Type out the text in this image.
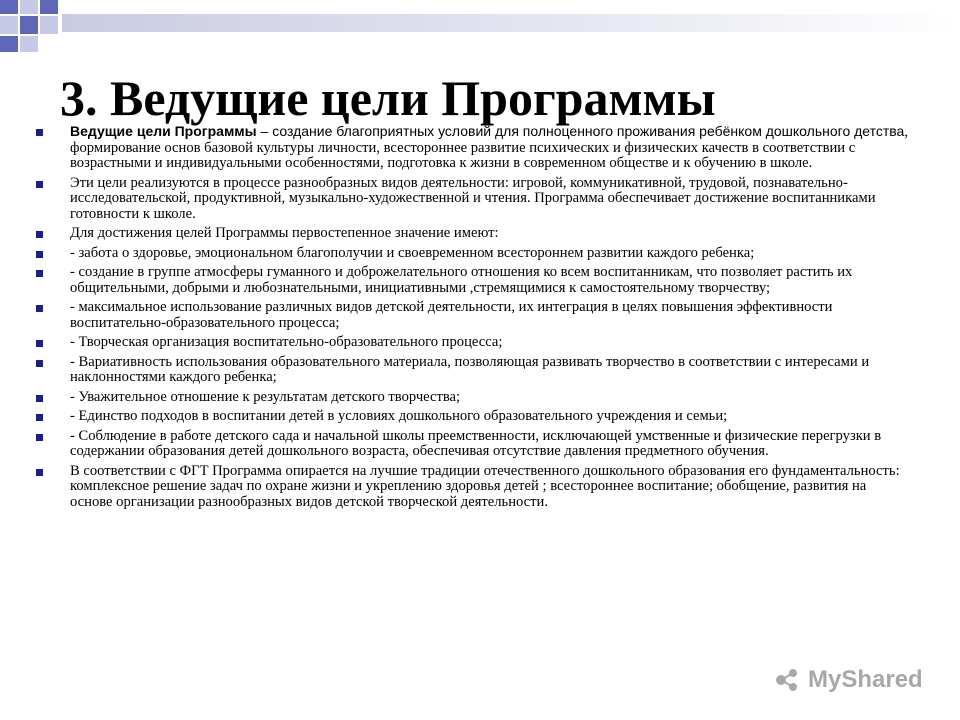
3. Ведущие цели Программы
Ведущие цели Программы – создание благоприятных условий для полноценного проживания ребёнком дошкольного детства, формирование основ базовой культуры личности, всестороннее развитие психических и физических качеств в соответствии с возрастными и индивидуальными особенностями, подготовка к жизни в современном обществе и к обучению в школе.
Эти цели реализуются в процессе разнообразных видов деятельности: игровой, коммуникативной, трудовой, познавательно-исследовательской, продуктивной, музыкально-художественной и чтения. Программа обеспечивает достижение воспитанниками готовности к школе.
Для достижения целей Программы первостепенное значение имеют:
- забота о здоровье, эмоциональном благополучии и своевременном всестороннем развитии каждого ребенка;
- создание в группе атмосферы гуманного и доброжелательного отношения ко всем воспитанникам, что позволяет растить их общительными, добрыми и любознательными, инициативными ,стремящимися к самостоятельному творчеству;
- максимальное использование различных видов детской деятельности, их интеграция в целях повышения эффективности воспитательно-образовательного процесса;
- Творческая организация воспитательно-образовательного процесса;
- Вариативность использования образовательного материала, позволяющая развивать творчество в соответствии с интересами и наклонностями каждого ребенка;
- Уважительное отношение к результатам детского творчества;
- Единство подходов в воспитании детей в условиях дошкольного образовательного учреждения и семьи;
- Соблюдение в работе детского сада и начальной школы преемственности, исключающей умственные и физические перегрузки в содержании образования детей дошкольного возраста, обеспечивая отсутствие давления предметного обучения.
В соответствии с ФГТ Программа опирается на лучшие традиции отечественного дошкольного образования его фундаментальность: комплексное решение задач по охране жизни и укреплению здоровья детей ; всестороннее воспитание; обобщение, развития на основе организации разнообразных видов детской творческой деятельности.
MyShared
